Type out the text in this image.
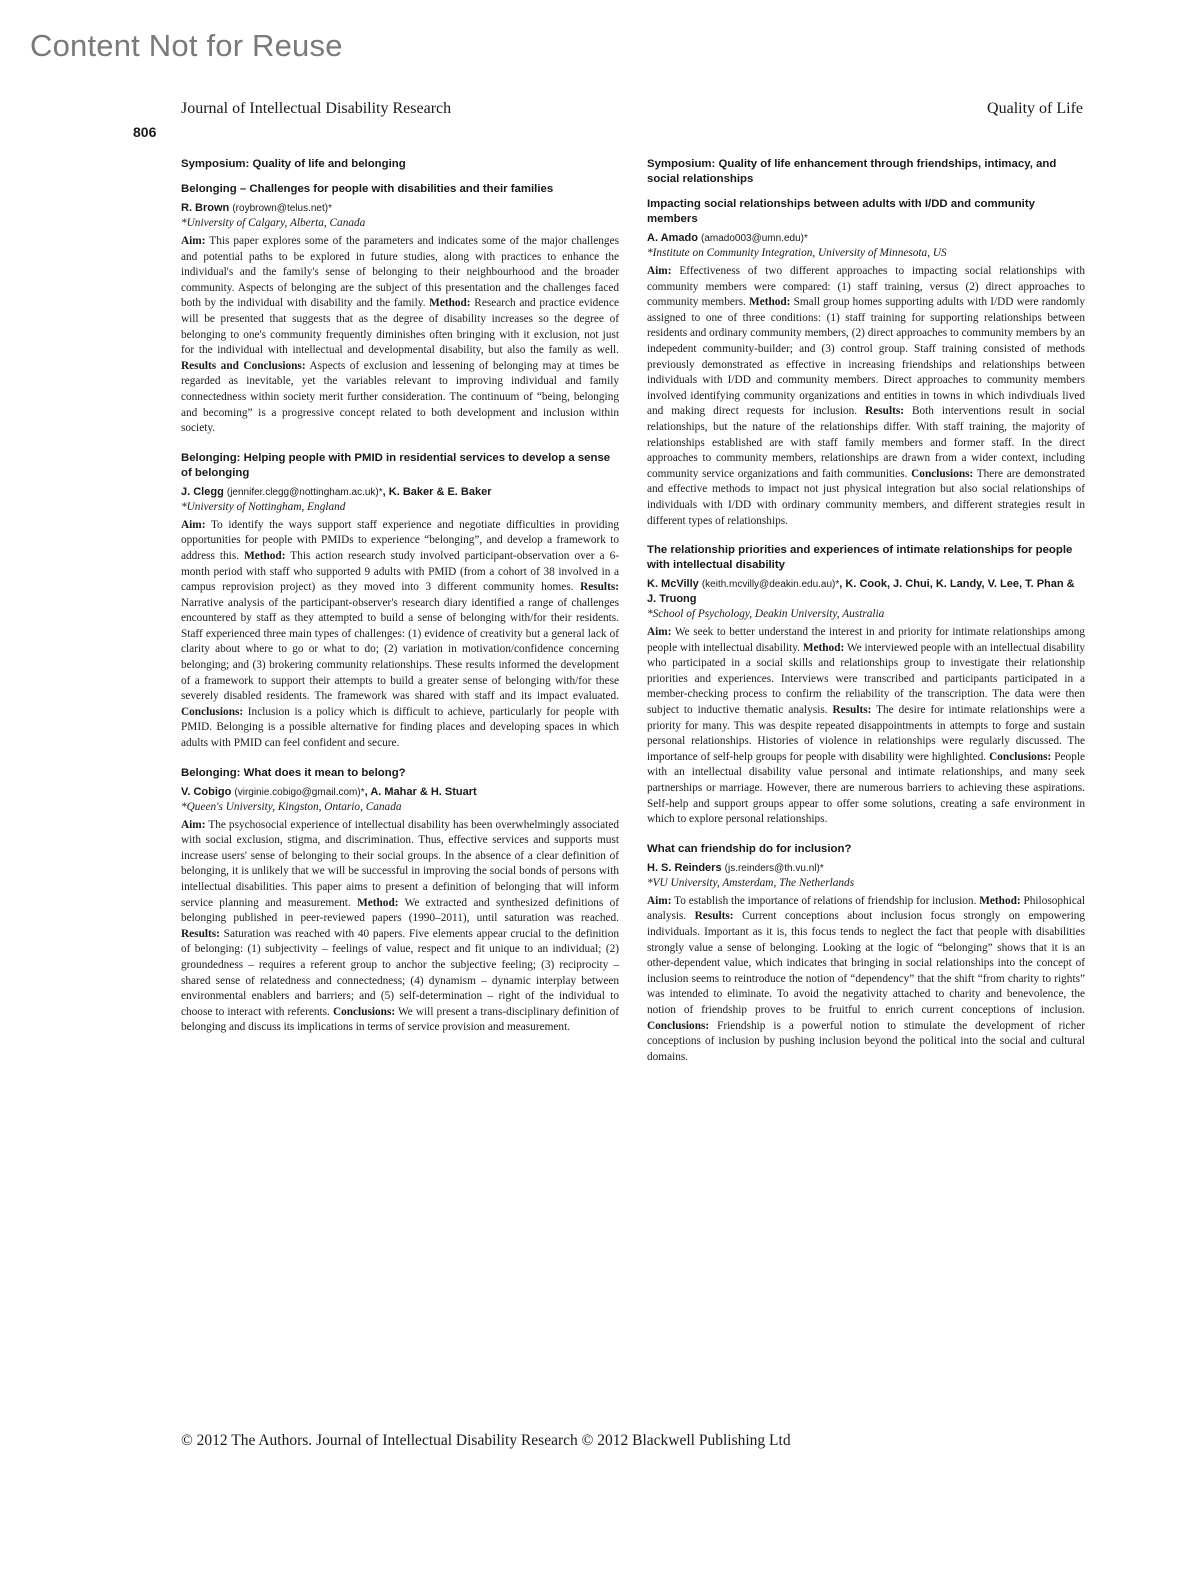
Content Not for Reuse
Journal of Intellectual Disability Research	Quality of Life
806
Symposium: Quality of life and belonging
Belonging – Challenges for people with disabilities and their families
R. Brown (roybrown@telus.net)*
*University of Calgary, Alberta, Canada

Aim: This paper explores some of the parameters and indicates some of the major challenges and potential paths to be explored in future studies, along with practices to enhance the individual's and the family's sense of belonging to their neighbourhood and the broader community. Aspects of belonging are the subject of this presentation and the challenges faced both by the individual with disability and the family. Method: Research and practice evidence will be presented that suggests that as the degree of disability increases so the degree of belonging to one's community frequently diminishes often bringing with it exclusion, not just for the individual with intellectual and developmental disability, but also the family as well. Results and Conclusions: Aspects of exclusion and lessening of belonging may at times be regarded as inevitable, yet the variables relevant to improving individual and family connectedness within society merit further consideration. The continuum of “being, belonging and becoming” is a progressive concept related to both development and inclusion within society.

Belonging: Helping people with PMID in residential services to develop a sense of belonging
J. Clegg (jennifer.clegg@nottingham.ac.uk)*, K. Baker & E. Baker
*University of Nottingham, England

Aim: To identify the ways support staff experience and negotiate difficulties in providing opportunities for people with PMIDs to experience “belonging”, and develop a framework to address this. Method: This action research study involved participant-observation over a 6-month period with staff who supported 9 adults with PMID (from a cohort of 38 involved in a campus reprovision project) as they moved into 3 different community homes. Results: Narrative analysis of the participant-observer's research diary identified a range of challenges encountered by staff as they attempted to build a sense of belonging with/for their residents. Staff experienced three main types of challenges: (1) evidence of creativity but a general lack of clarity about where to go or what to do; (2) variation in motivation/confidence concerning belonging; and (3) brokering community relationships. These results informed the development of a framework to support their attempts to build a greater sense of belonging with/for these severely disabled residents. The framework was shared with staff and its impact evaluated. Conclusions: Inclusion is a policy which is difficult to achieve, particularly for people with PMID. Belonging is a possible alternative for finding places and developing spaces in which adults with PMID can feel confident and secure.

Belonging: What does it mean to belong?
V. Cobigo (virginie.cobigo@gmail.com)*, A. Mahar & H. Stuart
*Queen's University, Kingston, Ontario, Canada

Aim: The psychosocial experience of intellectual disability has been overwhelmingly associated with social exclusion, stigma, and discrimination. Thus, effective services and supports must increase users' sense of belonging to their social groups. In the absence of a clear definition of belonging, it is unlikely that we will be successful in improving the social bonds of persons with intellectual disabilities. This paper aims to present a definition of belonging that will inform service planning and measurement. Method: We extracted and synthesized definitions of belonging published in peer-reviewed papers (1990–2011), until saturation was reached. Results: Saturation was reached with 40 papers. Five elements appear crucial to the definition of belonging: (1) subjectivity – feelings of value, respect and fit unique to an individual; (2) groundedness – requires a referent group to anchor the subjective feeling; (3) reciprocity – shared sense of relatedness and connectedness; (4) dynamism – dynamic interplay between environmental enablers and barriers; and (5) self-determination – right of the individual to choose to interact with referents. Conclusions: We will present a trans-disciplinary definition of belonging and discuss its implications in terms of service provision and measurement.

Symposium: Quality of life enhancement through friendships, intimacy, and social relationships
Impacting social relationships between adults with I/DD and community members
A. Amado (amado003@umn.edu)*
*Institute on Community Integration, University of Minnesota, US

Aim: Effectiveness of two different approaches to impacting social relationships with community members were compared: (1) staff training, versus (2) direct approaches to community members. Method: Small group homes supporting adults with I/DD were randomly assigned to one of three conditions: (1) staff training for supporting relationships between residents and ordinary community members, (2) direct approaches to community members by an indepedent community-builder; and (3) control group. Staff training consisted of methods previously demonstrated as effective in increasing friendships and relationships between individuals with I/DD and community members. Direct approaches to community members involved identifying community organizations and entities in towns in which indivdiuals lived and making direct requests for inclusion. Results: Both interventions result in social relationships, but the nature of the relationships differ. With staff training, the majority of relationships established are with staff family members and former staff. In the direct approaches to community members, relationships are drawn from a wider context, including community service organizations and faith communities. Conclusions: There are demonstrated and effective methods to impact not just physical integration but also social relationships of individuals with I/DD with ordinary community members, and different strategies result in different types of relationships.

The relationship priorities and experiences of intimate relationships for people with intellectual disability
K. McVilly (keith.mcvilly@deakin.edu.au)*, K. Cook, J. Chui, K. Landy, V. Lee, T. Phan & J. Truong
*School of Psychology, Deakin University, Australia

Aim: We seek to better understand the interest in and priority for intimate relationships among people with intellectual disability. Method: We interviewed people with an intellectual disability who participated in a social skills and relationships group to investigate their relationship priorities and experiences. Interviews were transcribed and participants participated in a member-checking process to confirm the reliability of the transcription. The data were then subject to inductive thematic analysis. Results: The desire for intimate relationships were a priority for many. This was despite repeated disappointments in attempts to forge and sustain personal relationships. Histories of violence in relationships were regularly discussed. The importance of self-help groups for people with disability were highlighted. Conclusions: People with an intellectual disability value personal and intimate relationships, and many seek partnerships or marriage. However, there are numerous barriers to achieving these aspirations. Self-help and support groups appear to offer some solutions, creating a safe environment in which to explore personal relationships.

What can friendship do for inclusion?
H. S. Reinders (js.reinders@th.vu.nl)*
*VU University, Amsterdam, The Netherlands

Aim: To establish the importance of relations of friendship for inclusion. Method: Philosophical analysis. Results: Current conceptions about inclusion focus strongly on empowering individuals. Important as it is, this focus tends to neglect the fact that people with disabilities strongly value a sense of belonging. Looking at the logic of “belonging” shows that it is an other-dependent value, which indicates that bringing in social relationships into the concept of inclusion seems to reintroduce the notion of “dependency” that the shift “from charity to rights” was intended to eliminate. To avoid the negativity attached to charity and benevolence, the notion of friendship proves to be fruitful to enrich current conceptions of inclusion. Conclusions: Friendship is a powerful notion to stimulate the development of richer conceptions of inclusion by pushing inclusion beyond the political into the social and cultural domains.

© 2012 The Authors. Journal of Intellectual Disability Research © 2012 Blackwell Publishing Ltd
